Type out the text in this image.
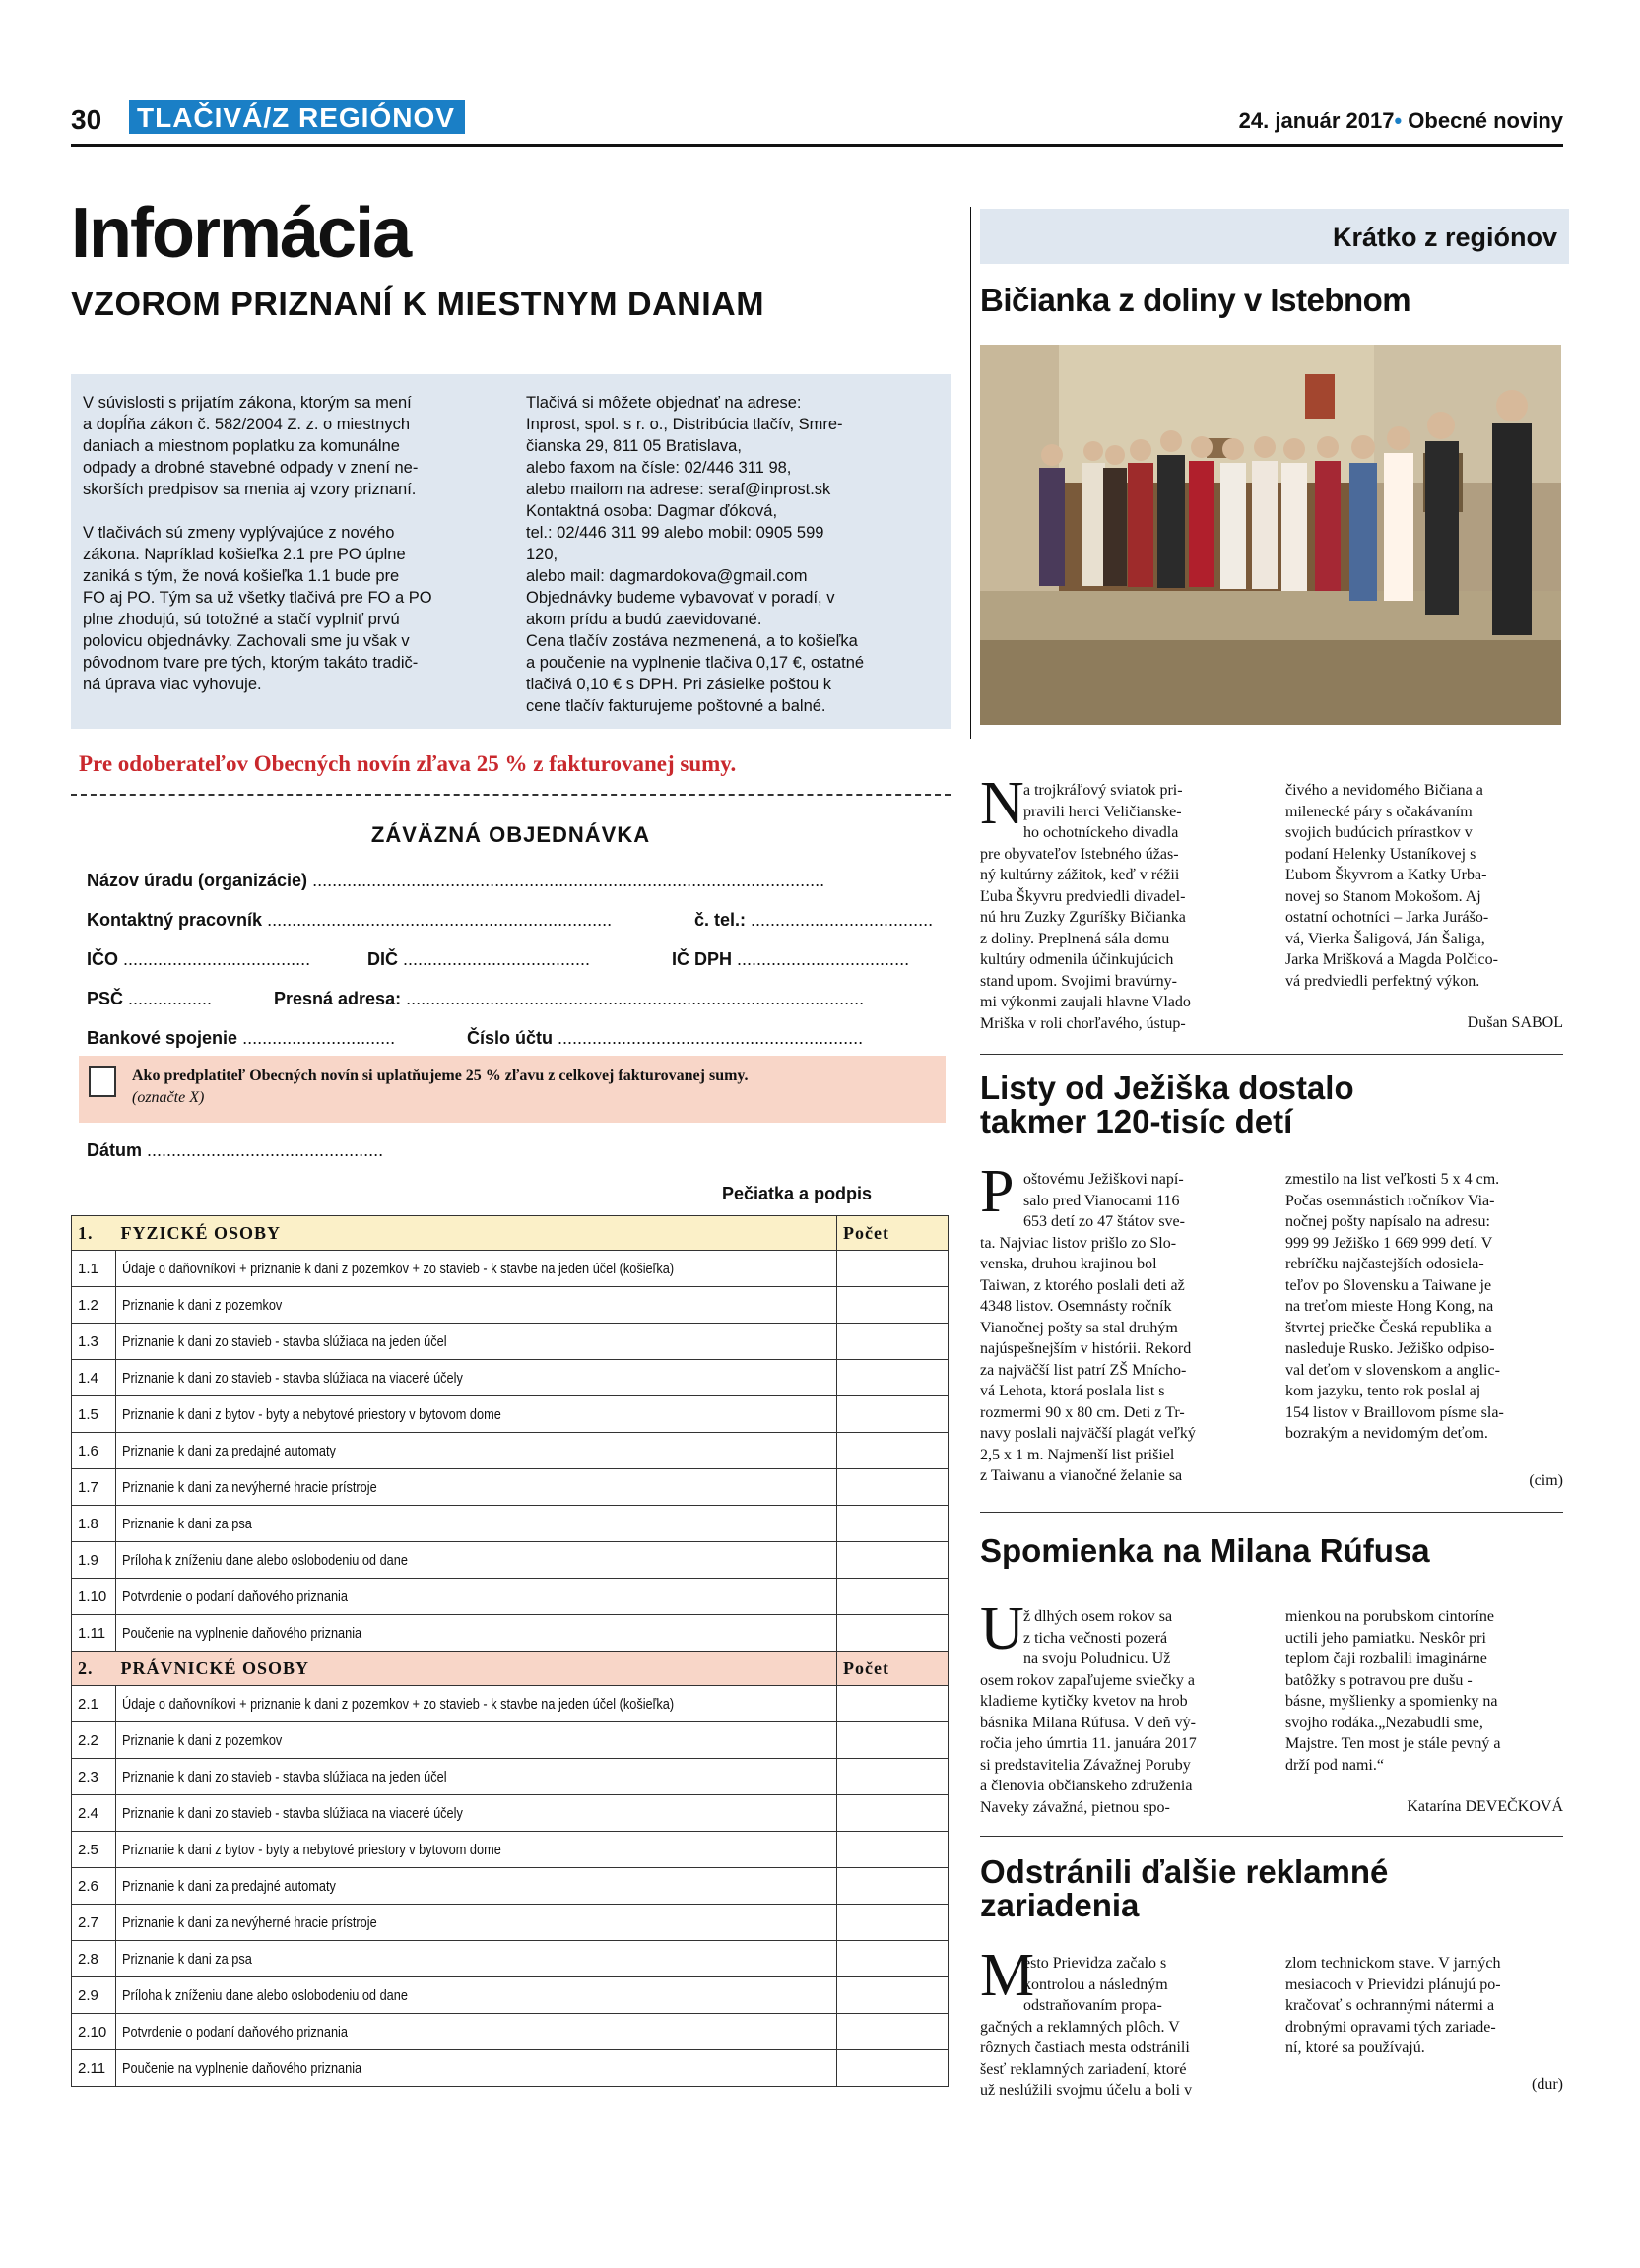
30 TLAČIVÁ/Z REGIÓNOV	24. január 2017• Obecné noviny
Informácia
VZOROM PRIZNANÍ K MIESTNYM DANIAM
V súvislosti s prijatím zákona, ktorým sa mení
a dopĺňa zákon č. 582/2004 Z. z. o miestnych
daniach a miestnom poplatku za komunálne
odpady a drobné stavebné odpady v znení ne-
skorších predpisov sa menia aj vzory priznaní.

V tlačivách sú zmeny vyplývajúce z nového
zákona. Napríklad košieľka 2.1 pre PO úplne
zaniká s tým, že nová košieľka 1.1 bude pre
FO aj PO. Tým sa už všetky tlačivá pre FO a PO
plne zhodujú, sú totožné a stačí vyplniť prvú
polovicu objednávky. Zachovali sme ju však v
pôvodnom tvare pre tých, ktorým takáto tradič-
ná úprava viac vyhovuje.
Tlačivá si môžete objednať na adrese:
Inprost, spol. s r. o., Distribúcia tlačív, Smre-
čianska 29, 811 05 Bratislava,
alebo faxom na čísle: 02/446 311 98,
alebo mailom na adrese: seraf@inprost.sk
Kontaktná osoba: Dagmar ďóková,
tel.: 02/446 311 99 alebo mobil: 0905 599
120,
alebo mail: dagmardokova@gmail.com
Objednávky budeme vybavovať v poradí, v
akom prídu a budú zaevidované.
Cena tlačív zostáva nezmenená, a to košieľka
a poučenie na vyplnenie tlačiva 0,17 €, ostatné
tlačivá 0,10 € s DPH. Pri zásielke poštou k
cene tlačív fakturujeme poštovné a balné.
Pre odoberateľov Obecných novín zľava 25 % z fakturovanej sumy.
ZÁVÄZNÁ OBJEDNÁVKA
Názov úradu (organizácie) ........................................................................................................
Kontaktný pracovník ......................................................................	č. tel.: .....................................
IČO ......................................	DIČ ......................................	IČ DPH ...................................
PSČ .................	Presná adresa: .............................................................................................
Bankové spojenie ...............................	Číslo účtu ..............................................................
Ako predplatiteľ Obecných novín si uplatňujeme 25 % zľavu z celkovej fakturovanej sumy.
(označte X)
Dátum ................................................
Pečiatka a podpis
1. FYZICKÉ OSOBY		Počet
1.1	Údaje o daňovníkovi + priznanie k dani z pozemkov + zo stavieb - k stavbe na jeden účel (košieľka)	
1.2	Priznanie k dani z pozemkov	
1.3	Priznanie k dani zo stavieb - stavba slúžiaca na jeden účel	
1.4	Priznanie k dani zo stavieb - stavba slúžiaca na viaceré účely	
1.5	Priznanie k dani z bytov - byty a nebytové priestory v bytovom dome	
1.6	Priznanie k dani za predajné automaty	
1.7	Priznanie k dani za nevýherné hracie prístroje	
1.8	Priznanie k dani za psa	
1.9	Príloha k zníženiu dane alebo oslobodeniu od dane	
1.10	Potvrdenie o podaní daňového priznania	
1.11	Poučenie na vyplnenie daňového priznania	
2. PRÁVNICKÉ OSOBY		Počet
2.1	Údaje o daňovníkovi + priznanie k dani z pozemkov + zo stavieb - k stavbe na jeden účel (košieľka)	
2.2	Priznanie k dani z pozemkov	
2.3	Priznanie k dani zo stavieb - stavba slúžiaca na jeden účel	
2.4	Priznanie k dani zo stavieb - stavba slúžiaca na viaceré účely	
2.5	Priznanie k dani z bytov - byty a nebytové priestory v bytovom dome	
2.6	Priznanie k dani za predajné automaty	
2.7	Priznanie k dani za nevýherné hracie prístroje	
2.8	Priznanie k dani za psa	
2.9	Príloha k zníženiu dane alebo oslobodeniu od dane	
2.10	Potvrdenie o podaní daňového priznania	
2.11	Poučenie na vyplnenie daňového priznania	
Krátko z regiónov
Bičianka z doliny v Istebnom
N a trojkráľový sviatok pri-
pravili herci Veličianske-
ho ochotníckeho divadla
pre obyvateľov Istebného úžas-
ný kultúrny zážitok, keď v réžii
Ľuba Škyvru predviedli divadel-
nú hru Zuzky Zguríšky Bičianka
z doliny. Preplnená sála domu
kultúry odmenila účinkujúcich
stand upom. Svojimi bravúrny-
mi výkonmi zaujali hlavne Vlado
Mriška v roli chorľavého, ústup-
čivého a nevidomého Bičiana a
milenecké páry s očakávaním
svojich budúcich prírastkov v
podaní Helenky Ustaníkovej s
Ľubom Škyvrom a Katky Urba-
novej so Stanom Mokošom. Aj
ostatní ochotníci – Jarka Jurášo-
vá, Vierka Šaligová, Ján Šaliga,
Jarka Mrišková a Magda Polčico-
vá predviedli perfektný výkon.
Dušan SABOL
Listy od Ježiška dostalo takmer 120-tisíc detí
P oštovému Ježiškovi napí-
salo pred Vianocami 116
653 detí zo 47 štátov sve-
ta. Najviac listov prišlo zo Slo-
venska, druhou krajinou bol
Taiwan, z ktorého poslali deti až
4348 listov. Osemnásty ročník
Vianočnej pošty sa stal druhým
najúspešnejším v histórii. Rekord
za najväčší list patrí ZŠ Mníchо-
vá Lehota, ktorá poslala list s
rozmermi 90 x 80 cm. Deti z Tr-
navy poslali najväčší plagát veľký
2,5 x 1 m. Najmenší list prišiel
z Taiwanu a vianočné želanie sa
zmestilo na list veľkosti 5 x 4 cm.
Počas osemnástich ročníkov Via-
nočnej pošty napísalo na adresu:
999 99 Ježiško 1 669 999 detí. V
rebríčku najčastejších odosiela-
teľov po Slovensku a Taiwane je
na treťom mieste Hong Kong, na
štvrtej priečke Česká republika a
nasleduje Rusko. Ježiško odpiso-
val deťom v slovenskom a anglic-
kom jazyku, tento rok poslal aj
154 listov v Braillovom písme sla-
bozrakým a nevidomým deťom.
(cim)
Spomienka na Milana Rúfusa
U ž dlhých osem rokov sa
z ticha večnosti pozerá
na svoju Poludnicu. Už
osem rokov zapaľujeme sviečky a
kladieme kytičky kvetov na hrob
básnika Milana Rúfusa. V deň vý-
ročia jeho úmrtia 11. januára 2017
si predstavitelia Závažnej Poruby
a členovia občianskeho združenia
Naveky závažná, pietnou spo-
mienkou na porubskom cintoríne
uctili jeho pamiatku. Neskôr pri
teplom čaji rozbalili imaginárne
batôžky s potravou pre dušu -
básne, myšlienky a spomienky na
svojho rodáka.„Nezabudli sme,
Majstre. Ten most je stále pevný a
drží pod nami.“
Katarína DEVEČKOVÁ
Odstránili ďalšie reklamné zariadenia
M
esto Prievidza začalo s
kontrolou a následným
odstraňovaním propa-
gačných a reklamných plôch. V
rôznych častiach mesta odstránili
šesť reklamných zariadení, ktoré
už neslúžili svojmu účelu a boli v
zlom technickom stave. V jarných
mesiacoch v Prievidzi plánujú po-
kračovať s ochrannými nátermi a
drobnými opravami tých zariade-
ní, ktoré sa používajú.
(dur)
